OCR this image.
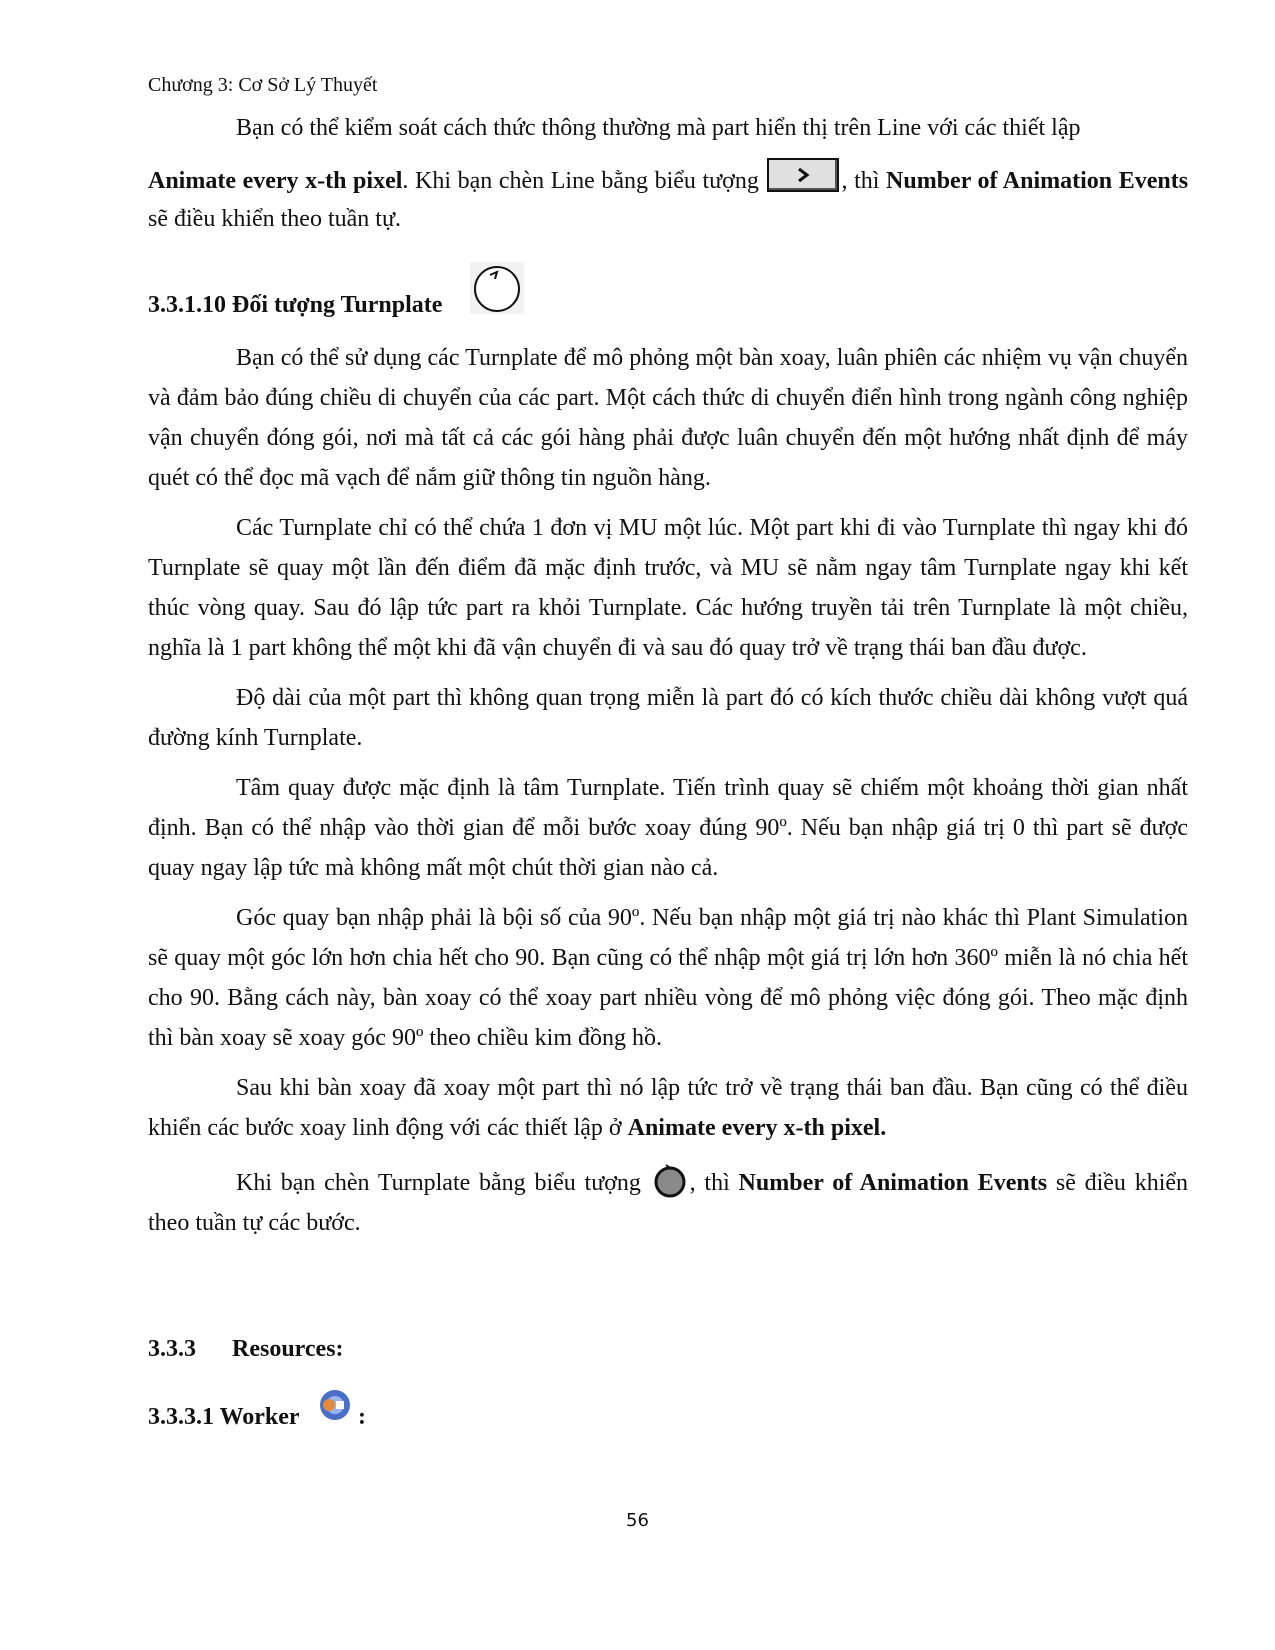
Chương 3: Cơ Sở Lý Thuyết

Bạn có thể kiểm soát cách thức thông thường mà part hiển thị trên Line với các thiết lập

Animate every x-th pixel. Khi bạn chèn Line bằng biểu tượng	, thì Number of Animation Events sẽ điều khiển theo tuần tự.
3.3.1.10 Đối tượng Turnplate

Bạn có thể sử dụng các Turnplate để mô phỏng một bàn xoay, luân phiên các nhiệm vụ vận chuyển và đảm bảo đúng chiều di chuyển của các part. Một cách thức di chuyển điển hình trong ngành công nghiệp vận chuyển đóng gói, nơi mà tất cả các gói hàng phải được luân chuyển đến một hướng nhất định để máy quét có thể đọc mã vạch để nắm giữ thông tin nguồn hàng.

Các Turnplate chỉ có thể chứa 1 đơn vị MU một lúc. Một part khi đi vào Turnplate thì ngay khi đó Turnplate sẽ quay một lần đến điểm đã mặc định trước, và MU sẽ nằm ngay tâm Turnplate ngay khi kết thúc vòng quay. Sau đó lập tức part ra khỏi Turnplate. Các hướng truyền tải trên Turnplate là một chiều, nghĩa là 1 part không thể một khi đã vận chuyển đi và sau đó quay trở về trạng thái ban đầu được.

Độ dài của một part thì không quan trọng miễn là part đó có kích thước chiều dài không vượt quá đường kính Turnplate.

Tâm quay được mặc định là tâm Turnplate. Tiến trình quay sẽ chiếm một khoảng thời gian nhất định. Bạn có thể nhập vào thời gian để mỗi bước xoay đúng 90º. Nếu bạn nhập giá trị 0 thì part sẽ được quay ngay lập tức mà không mất một chút thời gian nào cả.

Góc quay bạn nhập phải là bội số của 90º. Nếu bạn nhập một giá trị nào khác thì Plant Simulation sẽ quay một góc lớn hơn chia hết cho 90. Bạn cũng có thể nhập một giá trị lớn hơn 360º miễn là nó chia hết cho 90. Bằng cách này, bàn xoay có thể xoay part nhiều vòng để mô phỏng việc đóng gói. Theo mặc định thì bàn xoay sẽ xoay góc 90º theo chiều kim đồng hồ.

Sau khi bàn xoay đã xoay một part thì nó lập tức trở về trạng thái ban đầu. Bạn cũng có thể điều khiển các bước xoay linh động với các thiết lập ở Animate every x-th pixel.

Khi bạn chèn Turnplate bằng biểu tượng , thì Number of Animation Events sẽ điều khiển theo tuần tự các bước.

3.3.3 Resources:
3.3.3.1 Worker :
56
